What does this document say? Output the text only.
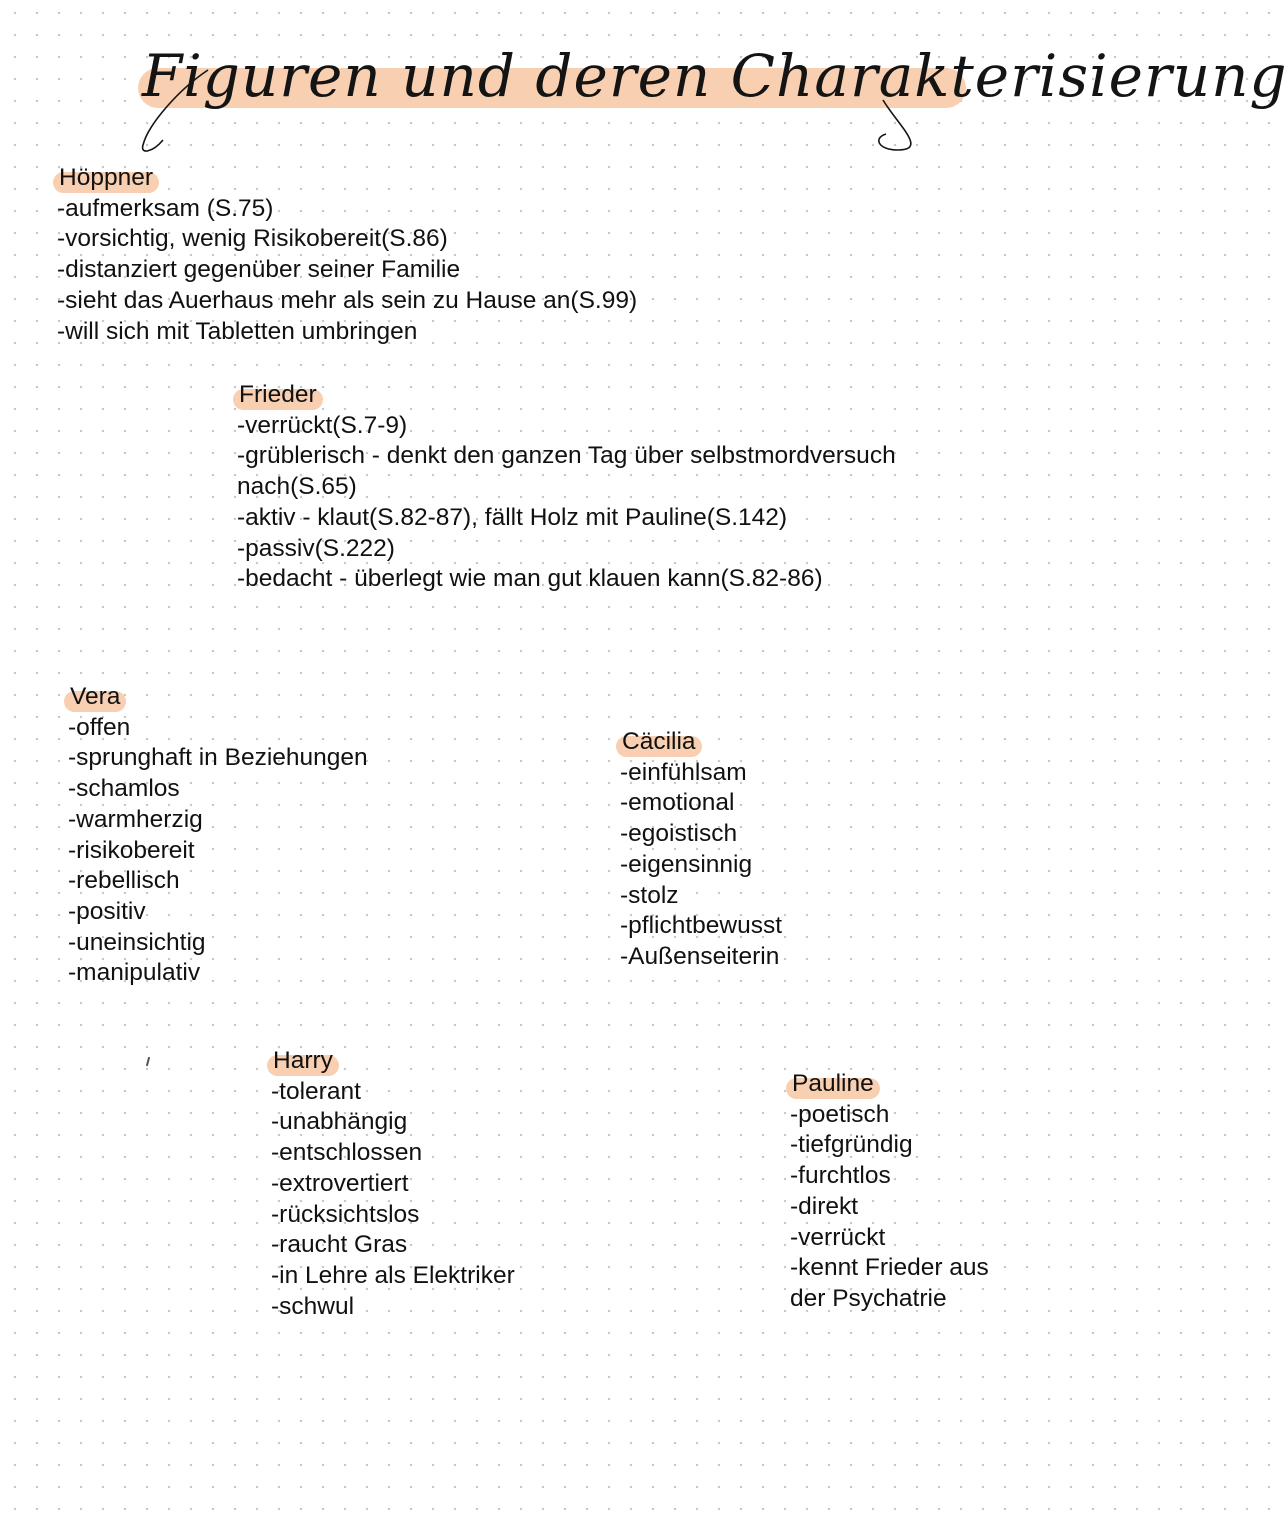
Figuren und deren Charakterisierung
Höppner
-aufmerksam (S.75)
-vorsichtig, wenig Risikobereit(S.86)
-distanziert gegenüber seiner Familie
-sieht das Auerhaus mehr als sein zu Hause an(S.99)
-will sich mit Tabletten umbringen
Frieder
-verrückt(S.7-9)
-grüblerisch - denkt den ganzen Tag über selbstmordversuch
nach(S.65)
-aktiv - klaut(S.82-87), fällt Holz mit Pauline(S.142)
-passiv(S.222)
-bedacht - überlegt wie man gut klauen kann(S.82-86)
Vera
-offen
-sprunghaft in Beziehungen
-schamlos
-warmherzig
-risikobereit
-rebellisch
-positiv
-uneinsichtig
-manipulativ
Cäcilia
-einfühlsam
-emotional
-egoistisch
-eigensinnig
-stolz
-pflichtbewusst
-Außenseiterin
Harry
-tolerant
-unabhängig
-entschlossen
-extrovertiert
-rücksichtslos
-raucht Gras
-in Lehre als Elektriker
-schwul
Pauline
-poetisch
-tiefgründig
-furchtlos
-direkt
-verrückt
-kennt Frieder aus
der Psychatrie
